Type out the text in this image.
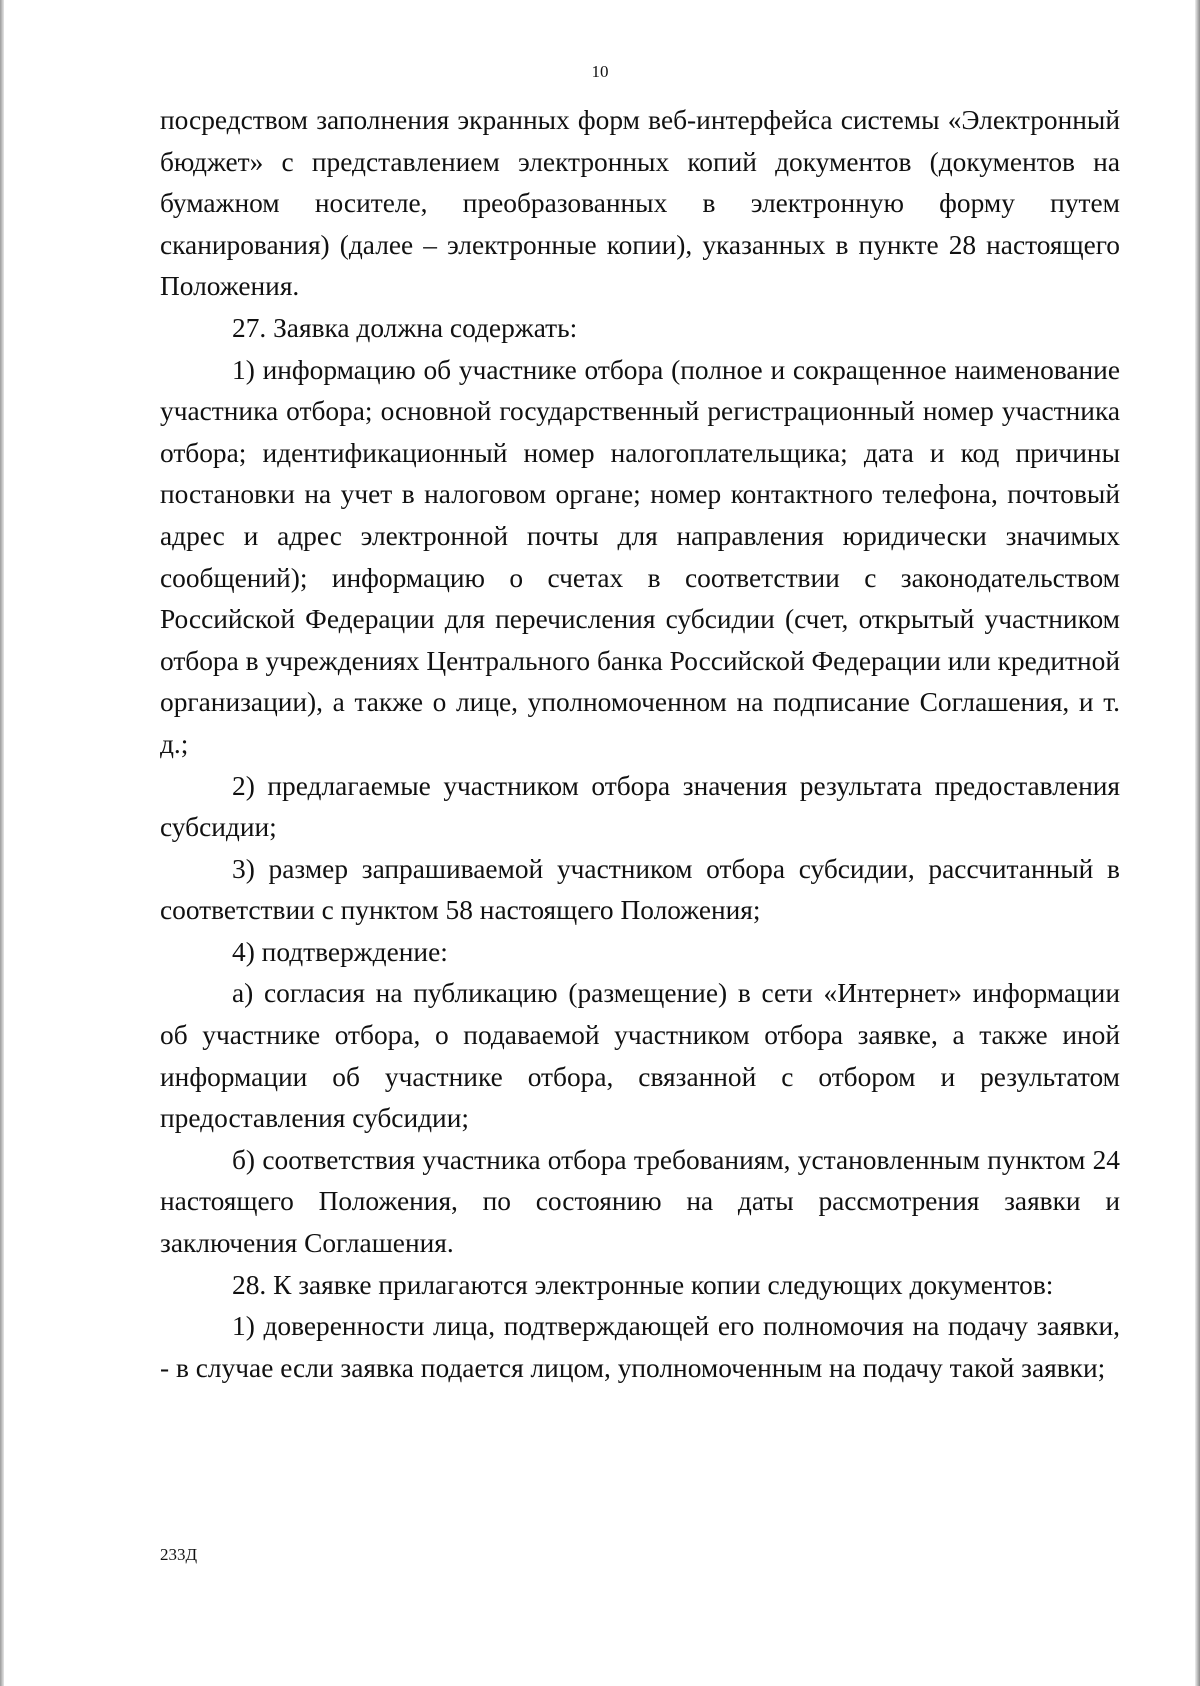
10

посредством заполнения экранных форм веб-интерфейса системы «Электронный бюджет» с представлением электронных копий документов (документов на бумажном носителе, преобразованных в электронную форму путем сканирования) (далее – электронные копии), указанных в пункте 28 настоящего Положения.

27. Заявка должна содержать:

1) информацию об участнике отбора (полное и сокращенное наименование участника отбора; основной государственный регистрационный номер участника отбора; идентификационный номер налогоплательщика; дата и код причины постановки на учет в налоговом органе; номер контактного телефона, почтовый адрес и адрес электронной почты для направления юридически значимых сообщений); информацию о счетах в соответствии с законодательством Российской Федерации для перечисления субсидии (счет, открытый участником отбора в учреждениях Центрального банка Российской Федерации или кредитной организации), а также о лице, уполномоченном на подписание Соглашения, и т. д.;

2) предлагаемые участником отбора значения результата предоставления субсидии;

3) размер запрашиваемой участником отбора субсидии, рассчитанный в соответствии с пунктом 58 настоящего Положения;

4) подтверждение:

а) согласия на публикацию (размещение) в сети «Интернет» информации об участнике отбора, о подаваемой участником отбора заявке, а также иной информации об участнике отбора, связанной с отбором и результатом предоставления субсидии;

б) соответствия участника отбора требованиям, установленным пунктом 24 настоящего Положения, по состоянию на даты рассмотрения заявки и заключения Соглашения.

28. К заявке прилагаются электронные копии следующих документов:

1) доверенности лица, подтверждающей его полномочия на подачу заявки, - в случае если заявка подается лицом, уполномоченным на подачу такой заявки;

233Д
